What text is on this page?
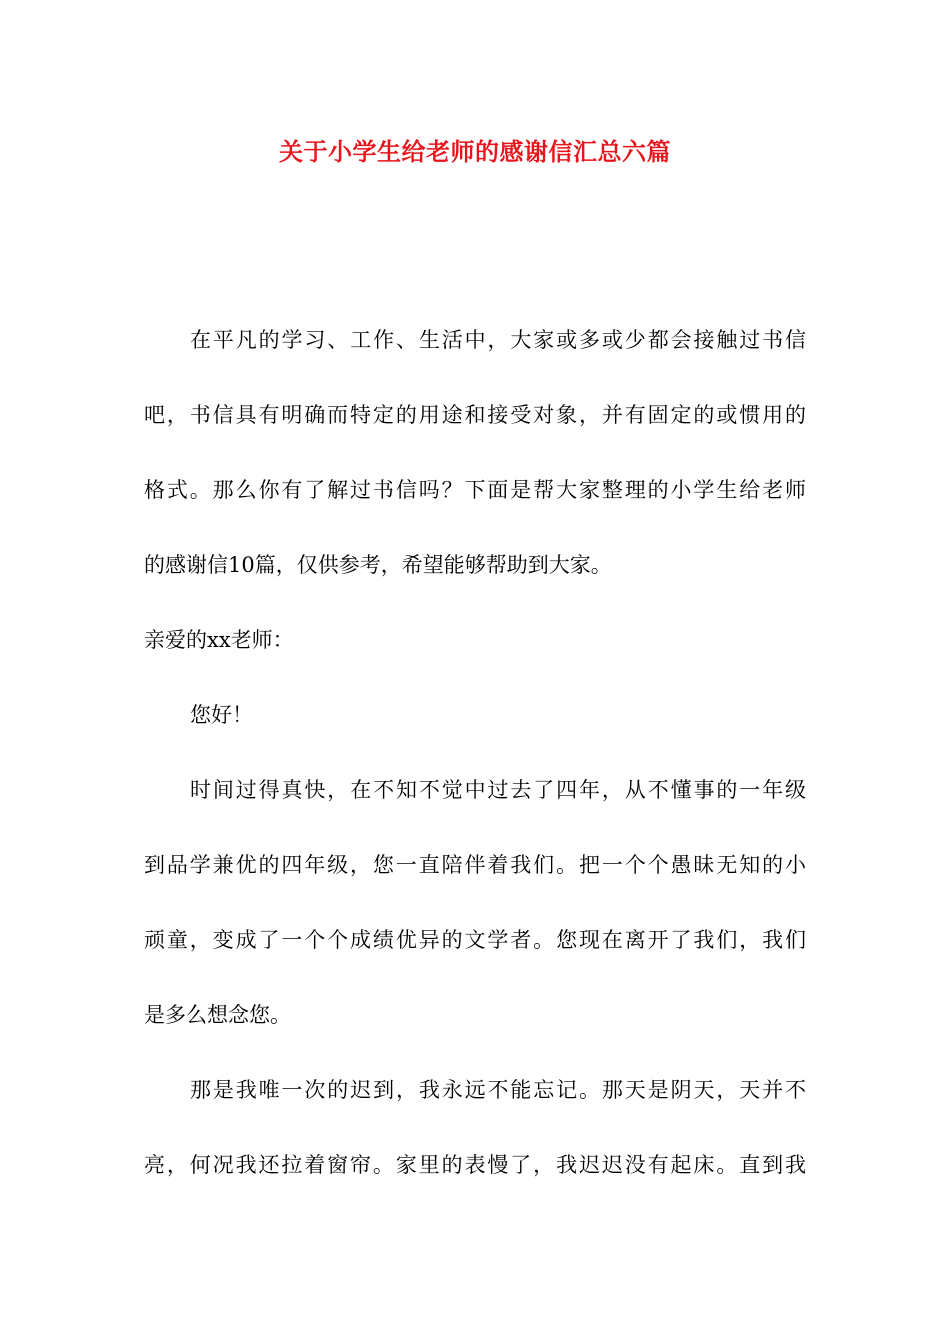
关于小学生给老师的感谢信汇总六篇
在平凡的学习、工作、生活中，大家或多或少都会接触过书信
吧，书信具有明确而特定的用途和接受对象，并有固定的或惯用的
格式。那么你有了解过书信吗？下面是帮大家整理的小学生给老师
的感谢信10篇，仅供参考，希望能够帮助到大家。
亲爱的xx老师：
您好！
时间过得真快，在不知不觉中过去了四年，从不懂事的一年级
到品学兼优的四年级，您一直陪伴着我们。把一个个愚昧无知的小
顽童，变成了一个个成绩优异的文学者。您现在离开了我们，我们
是多么想念您。
那是我唯一次的迟到，我永远不能忘记。那天是阴天，天并不
亮，何况我还拉着窗帘。家里的表慢了，我迟迟没有起床。直到我
